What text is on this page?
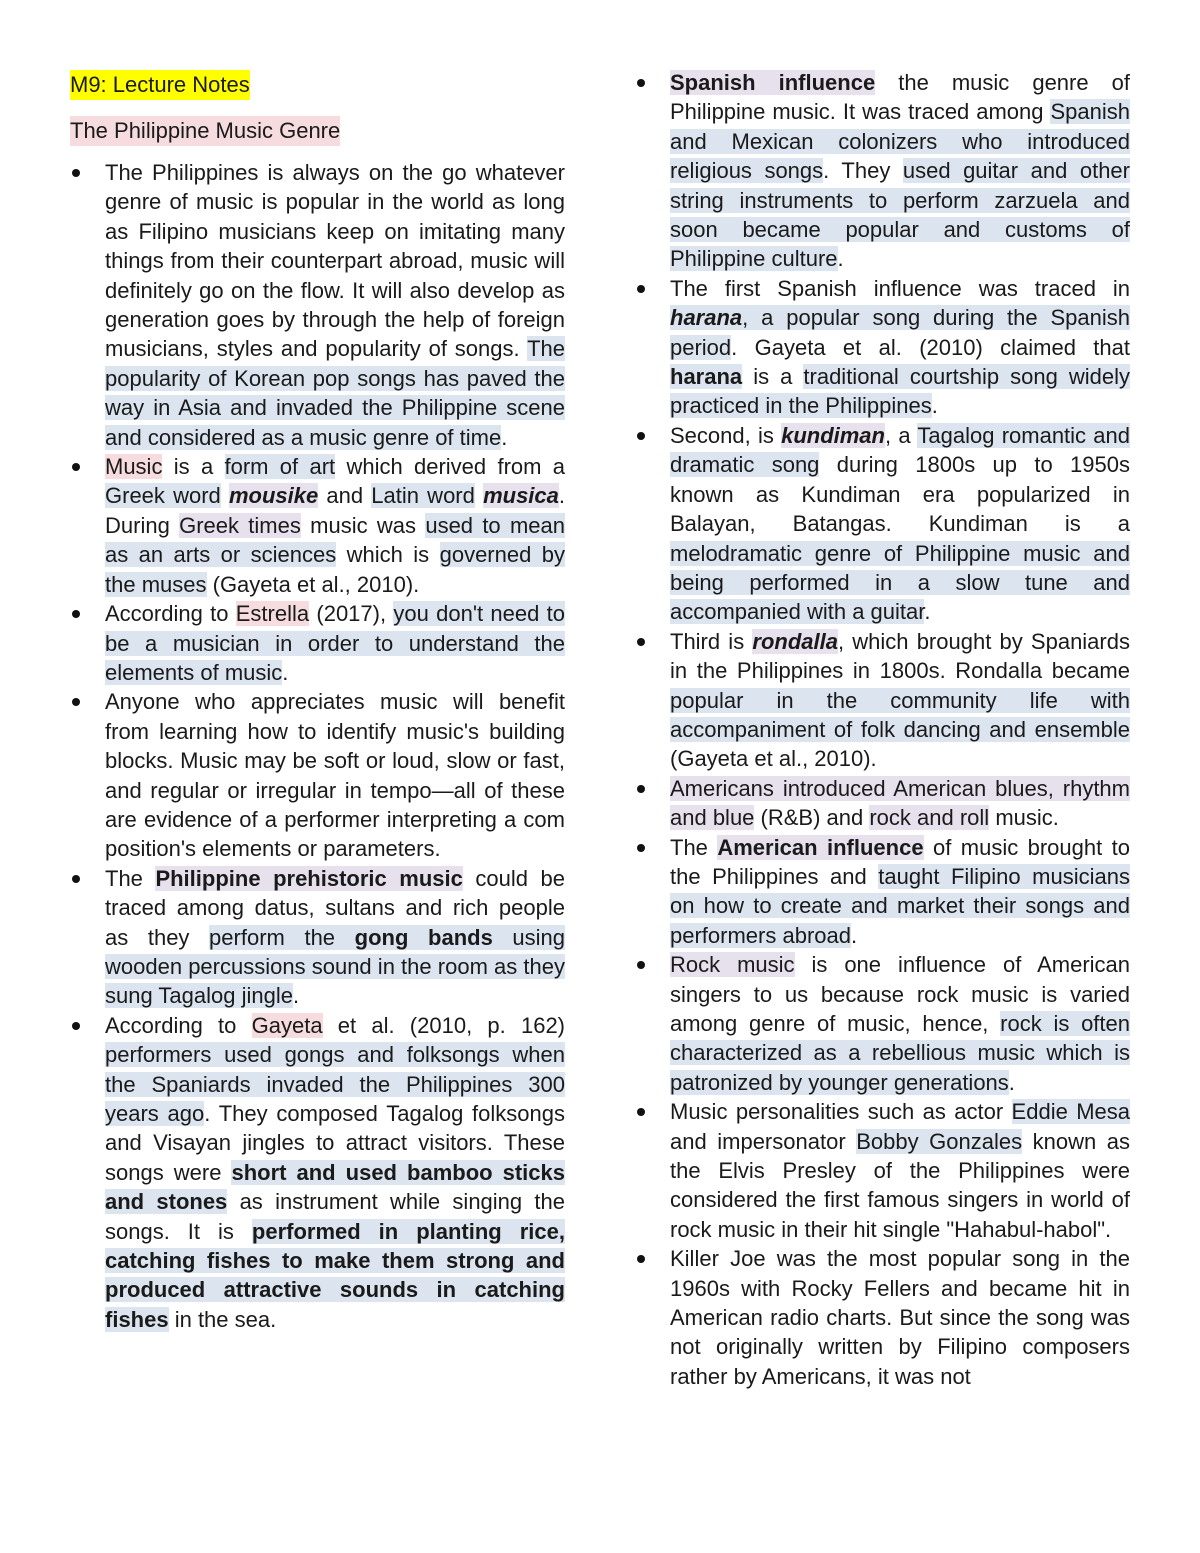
M9: Lecture Notes
The Philippine Music Genre
The Philippines is always on the go whatever genre of music is popular in the world as long as Filipino musicians keep on imitating many things from their counterpart abroad, music will definitely go on the flow. It will also develop as generation goes by through the help of foreign musicians, styles and popularity of songs. The popularity of Korean pop songs has paved the way in Asia and invaded the Philippine scene and considered as a music genre of time.
Music is a form of art which derived from a Greek word mousike and Latin word musica. During Greek times music was used to mean as an arts or sciences which is governed by the muses (Gayeta et al., 2010).
According to Estrella (2017), you don't need to be a musician in order to understand the elements of music.
Anyone who appreciates music will benefit from learning how to identify music's building blocks. Music may be soft or loud, slow or fast, and regular or irregular in tempo—all of these are evidence of a performer interpreting a com position's elements or parameters.
The Philippine prehistoric music could be traced among datus, sultans and rich people as they perform the gong bands using wooden percussions sound in the room as they sung Tagalog jingle.
According to Gayeta et al. (2010, p. 162) performers used gongs and folksongs when the Spaniards invaded the Philippines 300 years ago. They composed Tagalog folksongs and Visayan jingles to attract visitors. These songs were short and used bamboo sticks and stones as instrument while singing the songs. It is performed in planting rice, catching fishes to make them strong and produced attractive sounds in catching fishes in the sea.
Spanish influence the music genre of Philippine music. It was traced among Spanish and Mexican colonizers who introduced religious songs. They used guitar and other string instruments to perform zarzuela and soon became popular and customs of Philippine culture.
The first Spanish influence was traced in harana, a popular song during the Spanish period. Gayeta et al. (2010) claimed that harana is a traditional courtship song widely practiced in the Philippines.
Second, is kundiman, a Tagalog romantic and dramatic song during 1800s up to 1950s known as Kundiman era popularized in Balayan, Batangas. Kundiman is a melodramatic genre of Philippine music and being performed in a slow tune and accompanied with a guitar.
Third is rondalla, which brought by Spaniards in the Philippines in 1800s. Rondalla became popular in the community life with accompaniment of folk dancing and ensemble (Gayeta et al., 2010).
Americans introduced American blues, rhythm and blue (R&B) and rock and roll music.
The American influence of music brought to the Philippines and taught Filipino musicians on how to create and market their songs and performers abroad.
Rock music is one influence of American singers to us because rock music is varied among genre of music, hence, rock is often characterized as a rebellious music which is patronized by younger generations.
Music personalities such as actor Eddie Mesa and impersonator Bobby Gonzales known as the Elvis Presley of the Philippines were considered the first famous singers in world of rock music in their hit single "Hahabul-habol".
Killer Joe was the most popular song in the 1960s with Rocky Fellers and became hit in American radio charts. But since the song was not originally written by Filipino composers rather by Americans, it was not
